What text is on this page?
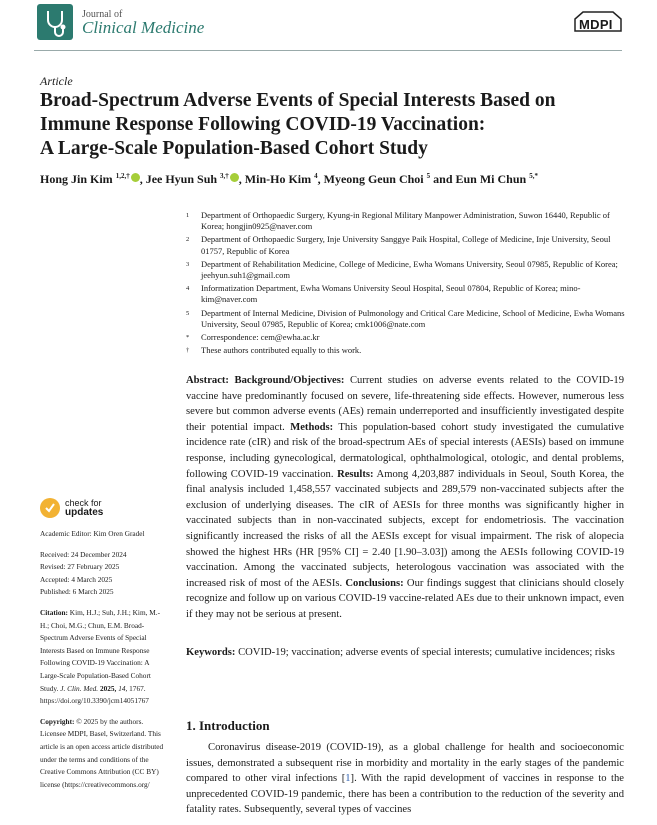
Journal of
Clinical Medicine	MDPI
Article
Broad-Spectrum Adverse Events of Special Interests Based on
Immune Response Following COVID-19 Vaccination:
A Large-Scale Population-Based Cohort Study
Hong Jin Kim $^{1,2,\dagger}$ , Jee Hyun Suh $^{3,\dagger}$ , Min-Ho Kim $^4$, Myeong Geun Choi $^5$ and Eun Mi Chun $^{5,*}$
1	Department of Orthopaedic Surgery, Kyung-in Regional Military Manpower Administration, Suwon 16440, Republic of Korea; hongjin0925@naver.com
2	Department of Orthopaedic Surgery, Inje University Sanggye Paik Hospital, College of Medicine, Inje University, Seoul 01757, Republic of Korea
3	Department of Rehabilitation Medicine, College of Medicine, Ewha Womans University, Seoul 07985, Republic of Korea; jeehyun.suh1@gmail.com
4	Informatization Department, Ewha Womans University Seoul Hospital, Seoul 07804, Republic of Korea; mino-kim@naver.com
5	Department of Internal Medicine, Division of Pulmonology and Critical Care Medicine, School of Medicine, Ewha Womans University, Seoul 07985, Republic of Korea; cmk1006@nate.com
*	Correspondence: cem@ewha.ac.kr
†	These authors contributed equally to this work.
Abstract: Background/Objectives: Current studies on adverse events related to the COVID-19 vaccine have predominantly focused on severe, life-threatening side effects. However, numerous less severe but common adverse events (AEs) remain underreported and insufficiently investigated despite their potential impact. Methods: This population-based cohort study investigated the cumulative incidence rate (cIR) and risk of the broad-spectrum AEs of special interests (AESIs) based on immune response, including gynecological, dermatological, ophthalmological, otologic, and dental problems, following COVID-19 vaccination. Results: Among 4,203,887 individuals in Seoul, South Korea, the final analysis included 1,458,557 vaccinated subjects and 289,579 non-vaccinated subjects after the exclusion of underlying diseases. The cIR of AESIs for three months was significantly higher in vaccinated subjects than in non-vaccinated subjects, except for endometriosis. The vaccination significantly increased the risks of all the AESIs except for visual impairment. The risk of alopecia showed the highest HRs (HR [95% CI] = 2.40 [1.90–3.03]) among the AESIs following COVID-19 vaccination. Among the vaccinated subjects, heterologous vaccination was associated with the increased risk of most of the AESIs. Conclusions: Our findings suggest that clinicians should closely recognize and follow up on various COVID-19 vaccine-related AEs due to their unknown impact, even if they may not be serious at present.
Keywords: COVID-19; vaccination; adverse events of special interests; cumulative incidences; risks
1. Introduction
Coronavirus disease-2019 (COVID-19), as a global challenge for health and socioeconomic issues, demonstrated a subsequent rise in morbidity and mortality in the early stages of the pandemic compared to other viral infections [1]. With the rapid development of vaccines in response to the unprecedented COVID-19 pandemic, there has been a contribution to the reduction of the severity and fatality rates. Subsequently, several types of vaccines
check for
updates
Academic Editor: Kim Oren Gradel
Received: 24 December 2024
Revised: 27 February 2025
Accepted: 4 March 2025
Published: 6 March 2025
Citation: Kim, H.J.; Suh, J.H.; Kim, M.-H.; Choi, M.G.; Chun, E.M. Broad-Spectrum Adverse Events of Special Interests Based on Immune Response Following COVID-19 Vaccination: A Large-Scale Population-Based Cohort Study. J. Clin. Med. 2025, 14, 1767. https://doi.org/10.3390/jcm14051767
Copyright: © 2025 by the authors. Licensee MDPI, Basel, Switzerland. This article is an open access article distributed under the terms and conditions of the Creative Commons Attribution (CC BY) license (https://creativecommons.org/
